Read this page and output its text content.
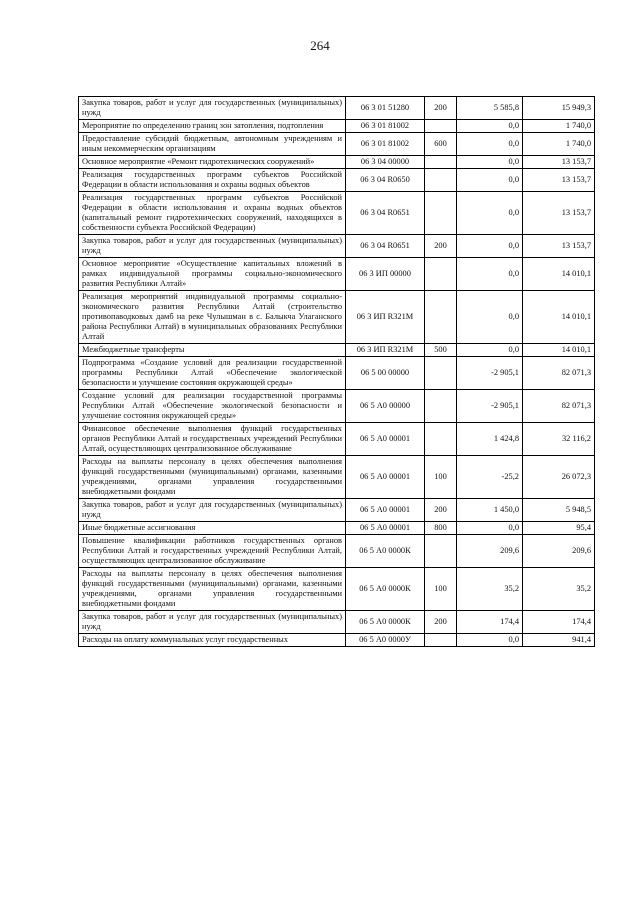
264
Закупка товаров, работ и услуг для государственных (муниципальных) нужд	06 3 01 51280	200	5 585,8	15 949,3
Мероприятие по определению границ зон затопления, подтопления	06 3 01 81002		0,0	1 740,0
Предоставление субсидий бюджетным, автономным учреждениям и иным некоммерческим организациям	06 3 01 81002	600	0,0	1 740,0
Основное мероприятие «Ремонт гидротехнических сооружений»	06 3 04 00000		0,0	13 153,7
Реализация государственных программ субъектов Российской Федерации в области использования и охраны водных объектов	06 3 04 R0650		0,0	13 153,7
Реализация государственных программ субъектов Российской Федерации в области использования и охраны водных объектов (капитальный ремонт гидротехнических сооружений, находящихся в собственности субъекта Российской Федерации)	06 3 04 R0651		0,0	13 153,7
Закупка товаров, работ и услуг для государственных (муниципальных) нужд	06 3 04 R0651	200	0,0	13 153,7
Основное мероприятие «Осуществление капитальных вложений в рамках индивидуальной программы социально-экономического развития Республики Алтай»	06 3 ИП 00000		0,0	14 010,1
Реализация мероприятий индивидуальной программы социально-экономического развития Республики Алтай (строительство противопаводковых дамб на реке Чулышман в с. Балыкча Улаганского района Республики Алтай) в муниципальных образованиях Республики Алтай	06 3 ИП R321M		0,0	14 010,1
Межбюджетные трансферты	06 3 ИП R321M	500	0,0	14 010,1
Подпрограмма «Создание условий для реализации государственной программы Республики Алтай «Обеспечение экологической безопасности и улучшение состояния окружающей среды»	06 5 00 00000		-2 905,1	82 071,3
Создание условий для реализации государственной программы Республики Алтай «Обеспечение экологической безопасности и улучшение состояния окружающей среды»	06 5 А0 00000		-2 905,1	82 071,3
Финансовое обеспечение выполнения функций государственных органов Республики Алтай и государственных учреждений Республики Алтай, осуществляющих централизованное обслуживание	06 5 А0 00001		1 424,8	32 116,2
Расходы на выплаты персоналу в целях обеспечения выполнения функций государственными (муниципальными) органами, казенными учреждениями, органами управления государственными внебюджетными фондами	06 5 А0 00001	100	-25,2	26 072,3
Закупка товаров, работ и услуг для государственных (муниципальных) нужд	06 5 А0 00001	200	1 450,0	5 948,5
Иные бюджетные ассигнования	06 5 А0 00001	800	0,0	95,4
Повышение квалификации работников государственных органов Республики Алтай и государственных учреждений Республики Алтай, осуществляющих централизованное обслуживание	06 5 А0 0000К		209,6	209,6
Расходы на выплаты персоналу в целях обеспечения выполнения функций государственными (муниципальными) органами, казенными учреждениями, органами управления государственными внебюджетными фондами	06 5 А0 0000К	100	35,2	35,2
Закупка товаров, работ и услуг для государственных (муниципальных) нужд	06 5 А0 0000К	200	174,4	174,4
Расходы на оплату коммунальных услуг государственных	06 5 А0 0000У		0,0	941,4
